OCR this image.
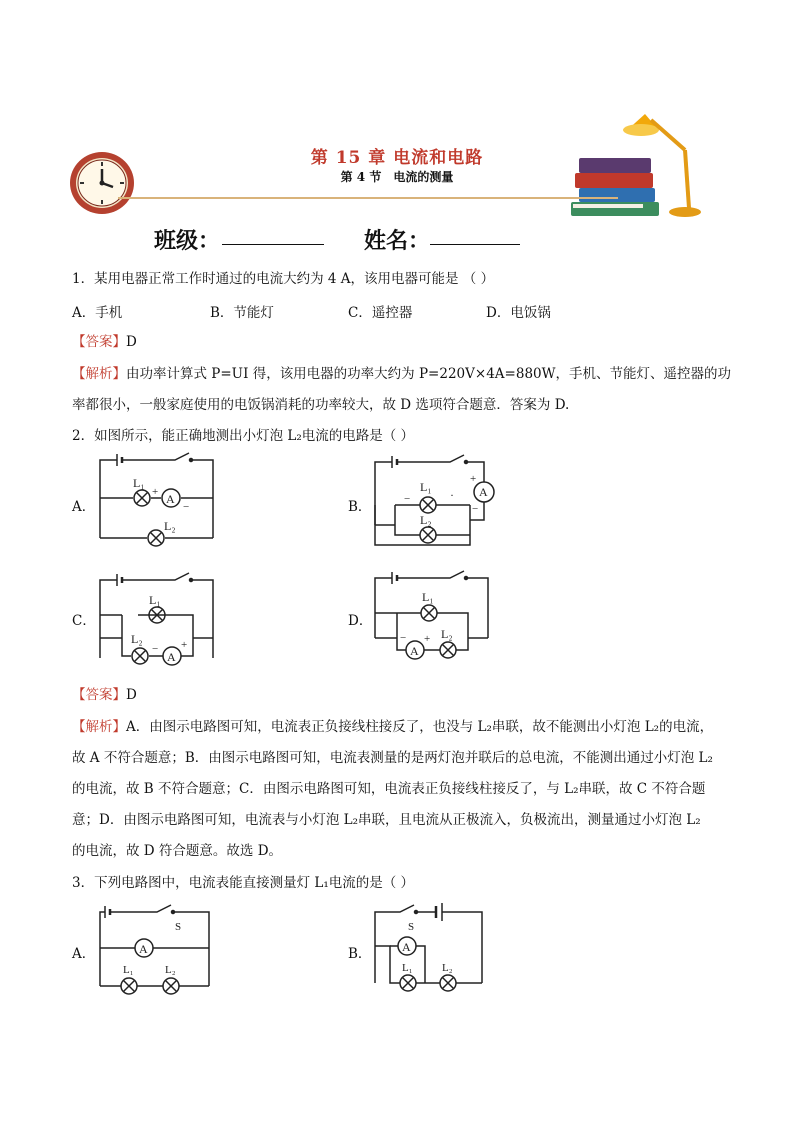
第 15 章 电流和电路
第 4 节 电流的测量
班级：	姓名：
1．某用电器正常工作时通过的电流大约为 4 A，该用电器可能是 （ ）
A．手机	B．节能灯	C．遥控器	D．电饭锅
【答案】D
【解析】由功率计算式 P=UI 得，该用电器的功率大约为 P=220V×4A=880W，手机、节能灯、遥控器的功
率都很小，一般家庭使用的电饭锅消耗的功率较大，故 D 选项符合题意．答案为 D.
2．如图所示，能正确地测出小灯泡 L₂电流的电路是（ ）
A．	B．
C．	D．
L₁
A
+
−
L₂
A
+
−
−	·
L₁
L₂
L₁
L₂
A
− +
L₁
A
− + L₂
【答案】D
【解析】A．由图示电路图可知，电流表正负接线柱接反了，也没与 L₂串联，故不能测出小灯泡 L₂的电流，
故 A 不符合题意；B．由图示电路图可知，电流表测量的是两灯泡并联后的总电流，不能测出通过小灯泡 L₂
的电流，故 B 不符合题意；C．由图示电路图可知，电流表正负接线柱接反了，与 L₂串联，故 C 不符合题
意；D．由图示电路图可知，电流表与小灯泡 L₂串联，且电流从正极流入，负极流出，测量通过小灯泡 L₂
的电流，故 D 符合题意。故选 D。
3．下列电路图中，电流表能直接测量灯 L₁电流的是（ ）
A．	B．
S
A
L₁	L₂
S
A
L₁	L₂
